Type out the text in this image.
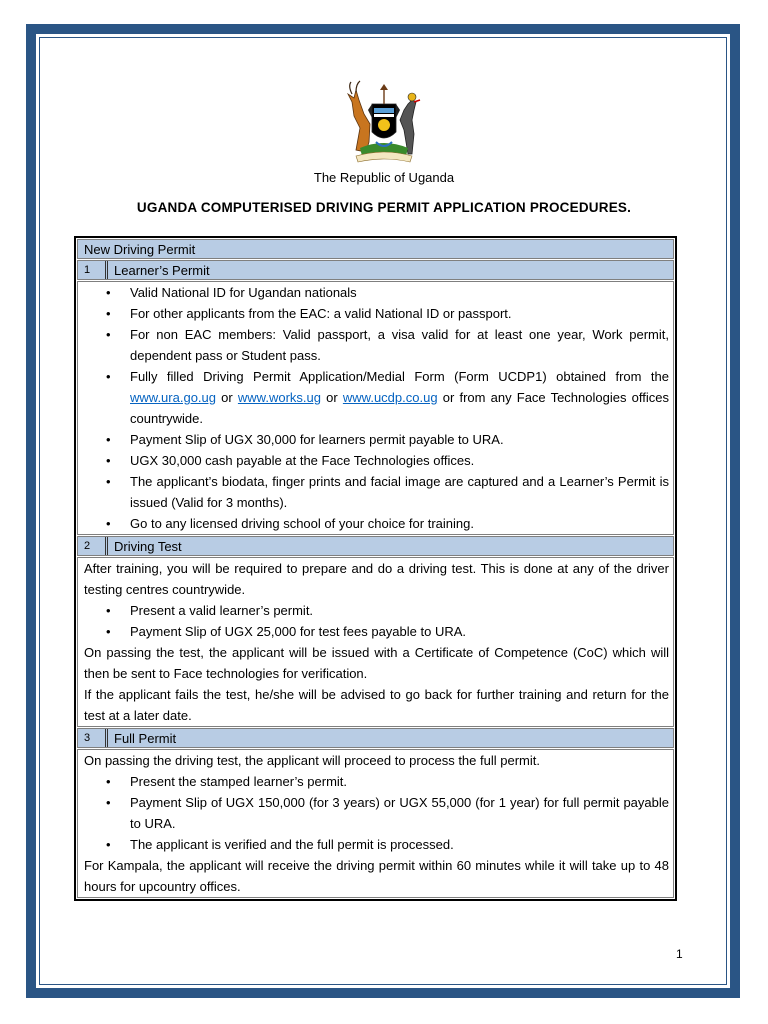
The Republic of Uganda
UGANDA COMPUTERISED DRIVING PERMIT APPLICATION PROCEDURES.
New Driving Permit
1	Learner’s Permit
• Valid National ID for Ugandan nationals
• For other applicants from the EAC: a valid National ID or passport.
• For non EAC members: Valid passport, a visa valid for at least one year, Work permit, dependent pass or Student pass.
• Fully filled Driving Permit Application/Medial Form (Form UCDP1) obtained from the www.ura.go.ug or www.works.ug or www.ucdp.co.ug or from any Face Technologies offices countrywide.
• Payment Slip of UGX 30,000 for learners permit payable to URA.
• UGX 30,000 cash payable at the Face Technologies offices.
• The applicant’s biodata, finger prints and facial image are captured and a Learner’s Permit is issued (Valid for 3 months).
• Go to any licensed driving school of your choice for training.
2	Driving Test

After training, you will be required to prepare and do a driving test. This is done at any of the driver testing centres countrywide.

• Present a valid learner’s permit.
• Payment Slip of UGX 25,000 for test fees payable to URA.

On passing the test, the applicant will be issued with a Certificate of Competence (CoC) which will then be sent to Face technologies for verification.

If the applicant fails the test, he/she will be advised to go back for further training and return for the test at a later date.

3	Full Permit

On passing the driving test, the applicant will proceed to process the full permit.

• Present the stamped learner’s permit.
• Payment Slip of UGX 150,000 (for 3 years) or UGX 55,000 (for 1 year) for full permit payable to URA.
• The applicant is verified and the full permit is processed.

For Kampala, the applicant will receive the driving permit within 60 minutes while it will take up to 48 hours for upcountry offices.

1
